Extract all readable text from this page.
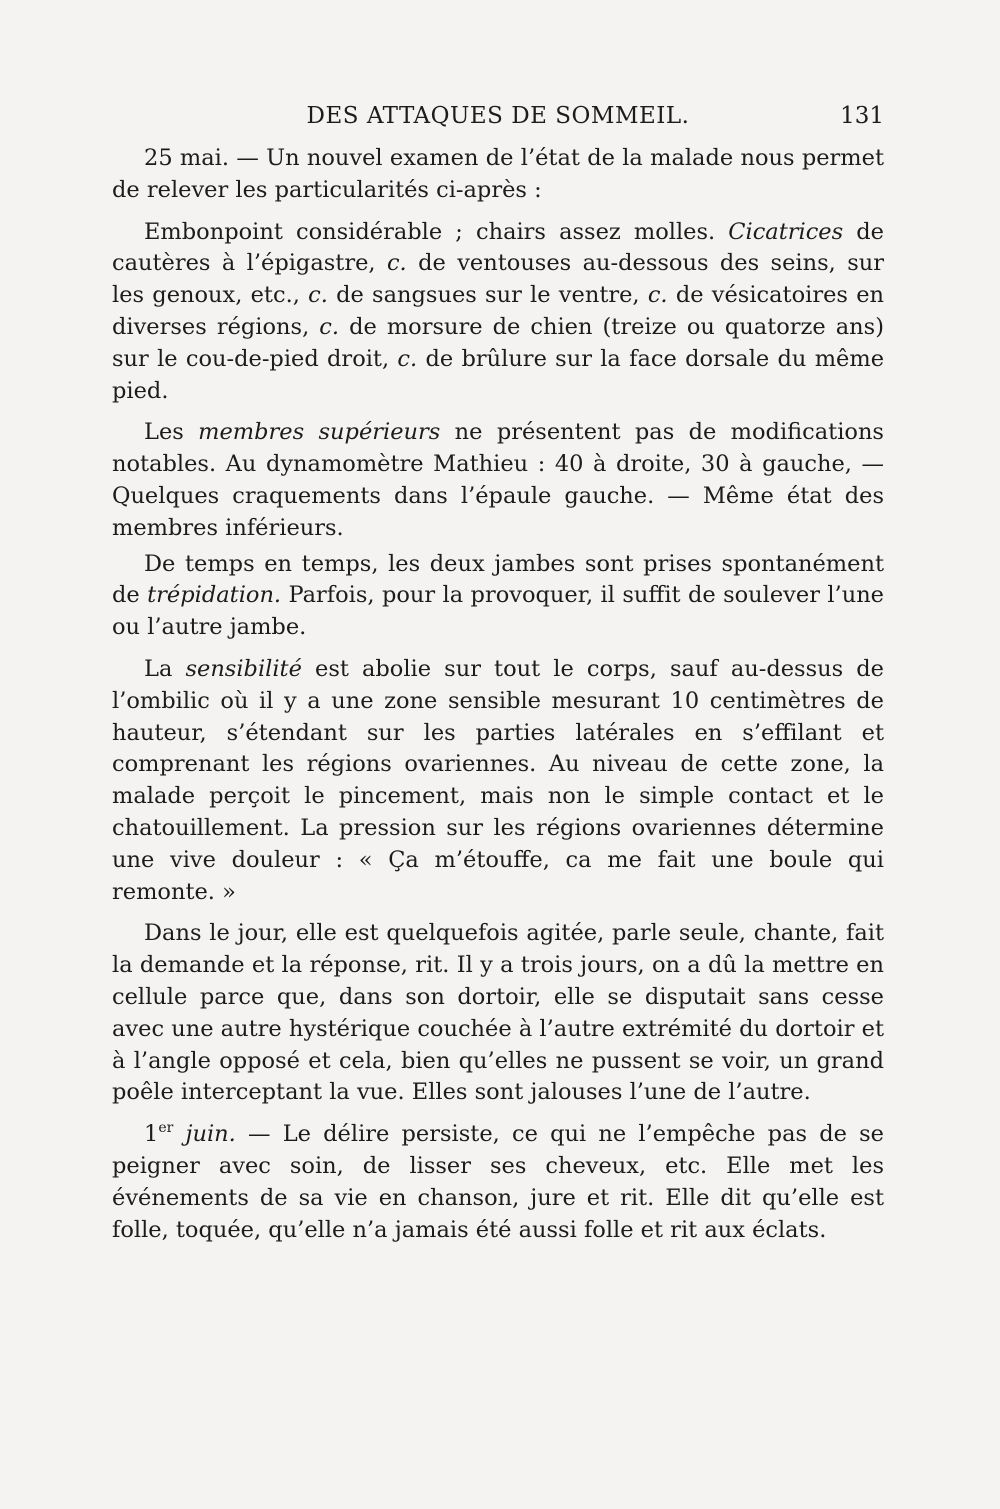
DES ATTAQUES DE SOMMEIL.	131

25 mai. — Un nouvel examen de l’état de la malade nous permet de relever les particularités ci-après :

Embonpoint considérable ; chairs assez molles. Cicatrices de cautères à l’épigastre, c. de ventouses au-dessous des seins, sur les genoux, etc., c. de sangsues sur le ventre, c. de vésicatoires en diverses régions, c. de morsure de chien (treize ou quatorze ans) sur le cou-de-pied droit, c. de brûlure sur la face dorsale du même pied.

Les membres supérieurs ne présentent pas de modifications notables. Au dynamomètre Mathieu : 40 à droite, 30 à gauche, — Quelques craquements dans l’épaule gauche. — Même état des membres inférieurs.

De temps en temps, les deux jambes sont prises spontanément de trépidation. Parfois, pour la provoquer, il suffit de soulever l’une ou l’autre jambe.

La sensibilité est abolie sur tout le corps, sauf au-dessus de l’ombilic où il y a une zone sensible mesurant 10 centimètres de hauteur, s’étendant sur les parties latérales en s’effilant et comprenant les régions ovariennes. Au niveau de cette zone, la malade perçoit le pincement, mais non le simple contact et le chatouillement. La pression sur les régions ovariennes détermine une vive douleur : « Ça m’étouffe, ca me fait une boule qui remonte. »

Dans le jour, elle est quelquefois agitée, parle seule, chante, fait la demande et la réponse, rit. Il y a trois jours, on a dû la mettre en cellule parce que, dans son dortoir, elle se disputait sans cesse avec une autre hystérique couchée à l’autre extrémité du dortoir et à l’angle opposé et cela, bien qu’elles ne pussent se voir, un grand poêle interceptant la vue. Elles sont jalouses l’une de l’autre.

1er juin. — Le délire persiste, ce qui ne l’empêche pas de se peigner avec soin, de lisser ses cheveux, etc. Elle met les événements de sa vie en chanson, jure et rit. Elle dit qu’elle est folle, toquée, qu’elle n’a jamais été aussi folle et rit aux éclats.
